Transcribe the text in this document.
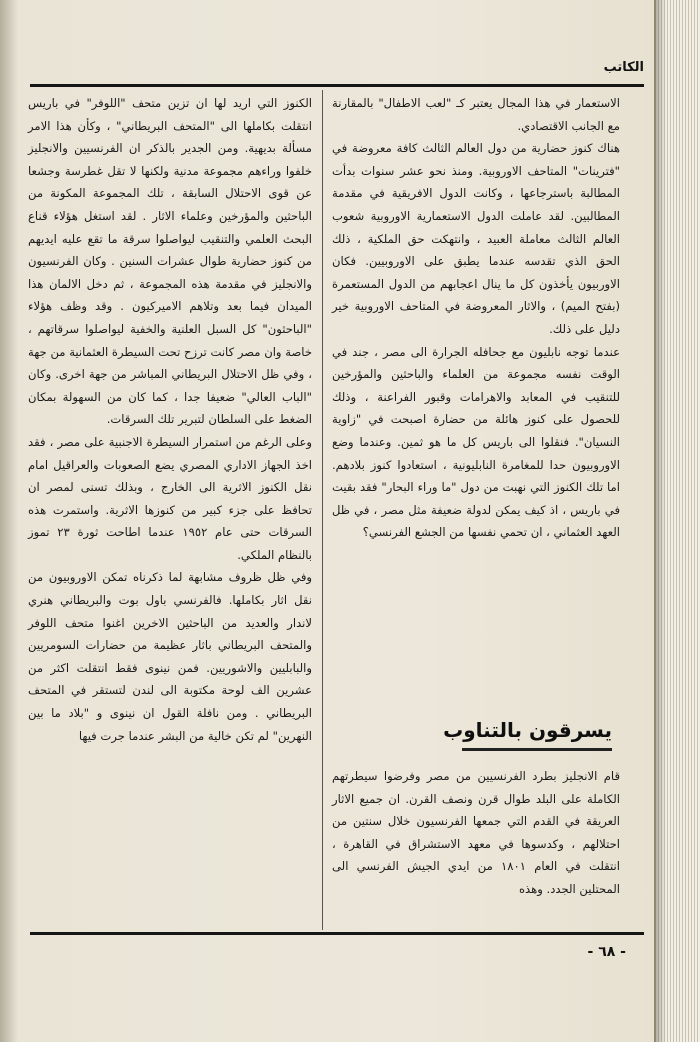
الكاتب

الاستعمار في هذا المجال يعتبر كـ "لعب الاطفال" بالمقارنة مع الجانب الاقتصادي.

هناك كنوز حضارية من دول العالم الثالث كافة معروضة في "فترينات" المتاحف الاوروبية. ومنذ نحو عشر سنوات بدأت المطالبة باسترجاعها ، وكانت الدول الافريقية في مقدمة المطالبين. لقد عاملت الدول الاستعمارية الاوروبية شعوب العالم الثالث معاملة العبيد ، وانتهكت حق الملكية ، ذلك الحق الذي تقدسه عندما يطبق على الاوروبيين. فكان الاوربيون يأخذون كل ما ينال اعجابهم من الدول المستعمرة (بفتح الميم) ، والاثار المعروضة في المتاحف الاوروبية خير دليل على ذلك.

عندما توجه نابليون مع جحافله الجرارة الى مصر ، جند في الوقت نفسه مجموعة من العلماء والباحثين والمؤرخين للتنقيب في المعابد والاهرامات وقبور الفراعنة ، وذلك للحصول على كنوز هائلة من حضارة اصبحت في "زاوية النسيان". فنقلوا الى باريس كل ما هو ثمين. وعندما وضع الاوروبيون حدا للمغامرة النابليونية ، استعادوا كنوز بلادهم. اما تلك الكنوز التي نهبت من دول "ما وراء البحار" فقد بقيت في باريس ، اذ كيف يمكن لدولة ضعيفة مثل مصر ، في ظل العهد العثماني ، ان تحمي نفسها من الجشع الفرنسي؟

يسرقون بالتناوب

قام الانجليز بطرد الفرنسيين من مصر وفرضوا سيطرتهم الكاملة على البلد طوال قرن ونصف القرن. ان جميع الاثار العريقة في القدم التي جمعها الفرنسيون خلال سنتين من احتلالهم ، وكدسوها في معهد الاستشراق في القاهرة ، انتقلت في العام ١٨٠١ من ايدي الجيش الفرنسي الى المحتلين الجدد. وهذه

الكنوز التي اريد لها ان تزين متحف "اللوفر" في باريس انتقلت بكاملها الى "المتحف البريطاني" ، وكأن هذا الامر مسألة بديهية. ومن الجدير بالذكر ان الفرنسيين والانجليز خلفوا وراءهم مجموعة مدنية ولكنها لا تقل غطرسة وجشعا عن قوى الاحتلال السابقة ، تلك المجموعة المكونة من الباحثين والمؤرخين وعلماء الاثار . لقد استغل هؤلاء قناع البحث العلمي والتنقيب ليواصلوا سرقة ما تقع عليه ايديهم من كنوز حضارية طوال عشرات السنين . وكان الفرنسيون والانجليز في مقدمة هذه المجموعة ، ثم دخل الالمان هذا الميدان فيما بعد وتلاهم الاميركيون . وقد وظف هؤلاء "الباحثون" كل السبل العلنية والخفية ليواصلوا سرقاتهم ، خاصة وان مصر كانت ترزح تحت السيطرة العثمانية من جهة ، وفي ظل الاحتلال البريطاني المباشر من جهة اخرى. وكان "الباب العالي" ضعيفا جدا ، كما كان من السهولة بمكان الضغط على السلطان لتبرير تلك السرقات.

وعلى الرغم من استمرار السيطرة الاجنبية على مصر ، فقد اخذ الجهاز الاداري المصري يضع الصعوبات والعراقيل امام نقل الكنوز الاثرية الى الخارج ، وبذلك تسنى لمصر ان تحافظ على جزء كبير من كنوزها الاثرية. واستمرت هذه السرقات حتى عام ١٩٥٢ عندما اطاحت ثورة ٢٣ تموز بالنظام الملكي.

وفي ظل ظروف مشابهة لما ذكرناه تمكن الاوروبيون من نقل اثار بكاملها. فالفرنسي باول بوت والبريطاني هنري لاندار والعديد من الباحثين الاخرين اغنوا متحف اللوفر والمتحف البريطاني باثار عظيمة من حضارات السومريين والبابليين والاشوريين. فمن نينوى فقط انتقلت اكثر من عشرين الف لوحة مكتوبة الى لندن لتستقر في المتحف البريطاني . ومن نافلة القول ان نينوى و "بلاد ما بين النهرين" لم تكن خالية من البشر عندما جرت فيها

- ٦٨ -
